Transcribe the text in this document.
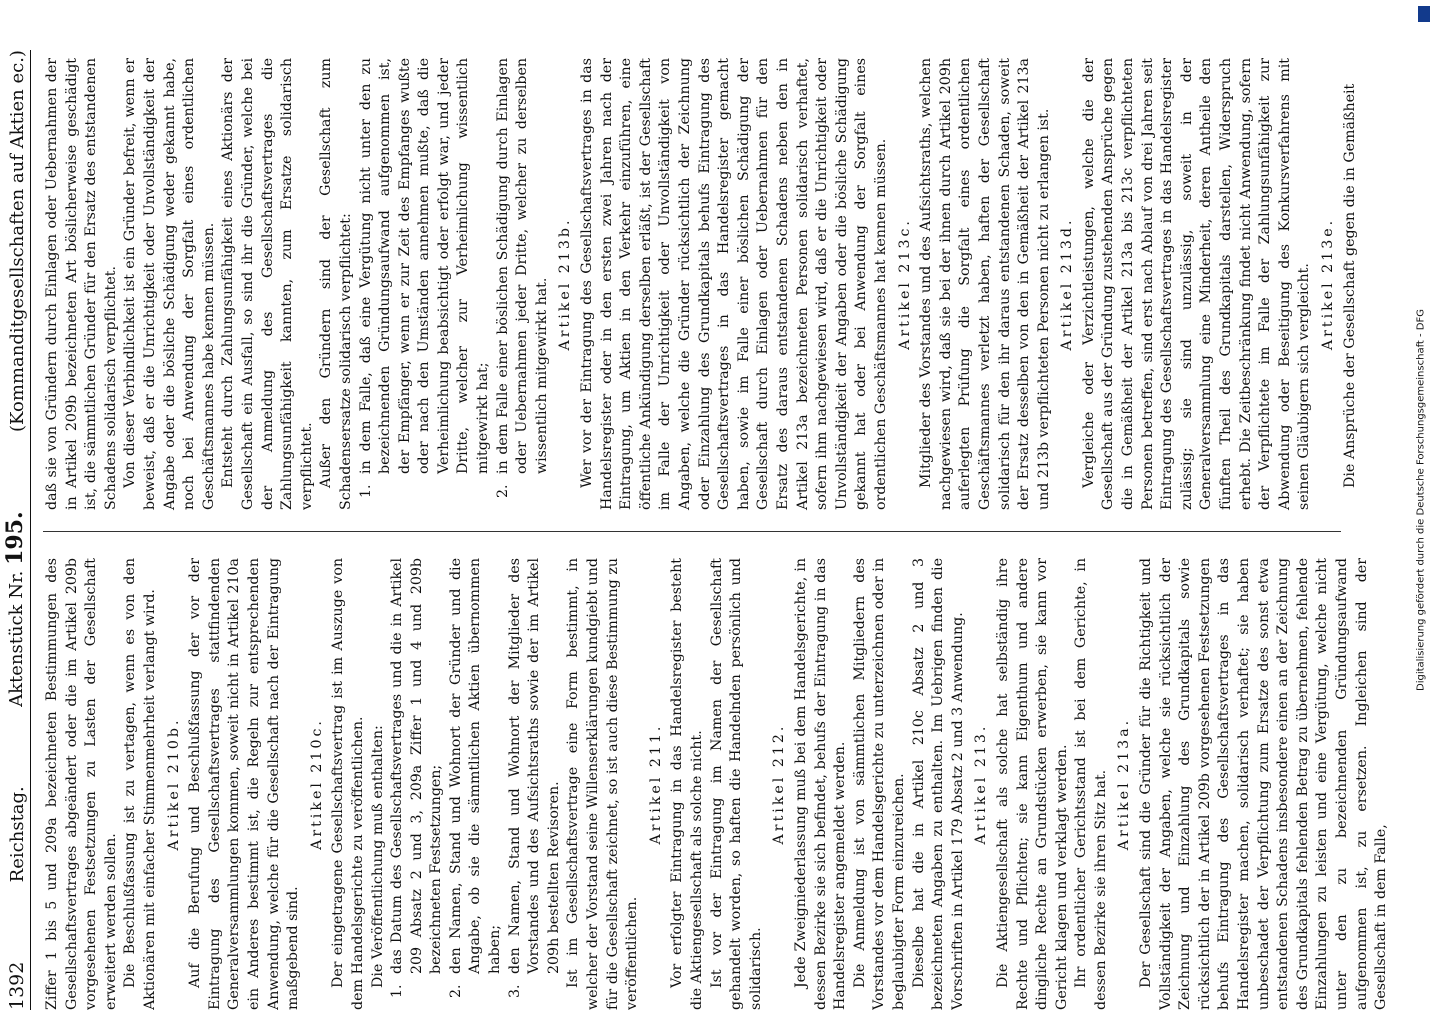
1392
Reichstag.
Aktenstück Nr. 195.
(Kommanditgesellschaften auf Aktien ec.)

Ziffer 1 bis 5 und 209a bezeichneten Bestimmungen des Gesellschaftsvertrages abgeändert oder die im Artikel 209b vorgesehenen Festsetzungen zu Lasten der Gesellschaft erweitert werden sollen. Die Beschlußfassung ist zu vertagen, wenn es von den Aktionären mit einfacher Stimmenmehrheit verlangt wird. Artikel 210b. Auf die Berufung und Beschlußfassung der vor der Eintragung des Gesellschaftsvertrages stattfindenden Generalversammlungen kommen, soweit nicht in Artikel 210a ein Anderes bestimmt ist, die Regeln zur entsprechenden Anwendung, welche für die Gesellschaft nach der Eintragung maßgebend sind.

Artikel 210c. Der eingetragene Gesellschaftsvertrag ist im Auszuge von dem Handelsgerichte zu veröffentlichen. Die Veröffentlichung muß enthalten:

1.
das Datum des Gesellschaftsvertrages und die in Artikel 209 Absatz 2 und 3, 209a Ziffer 1 und 4 und 209b bezeichneten Festsetzungen;

2.
den Namen, Stand und Wohnort der Gründer und die Angabe, ob sie die sämmtlichen Aktien übernommen haben;

3.
den Namen, Stand und Wohnort der Mitglieder des Vorstandes und des Aufsichtsraths sowie der im Artikel 209h bestellten Revisoren. Ist im Gesellschaftsvertrage eine Form bestimmt, in welcher der Vorstand seine Willenserklärungen kundgiebt und für die Gesellschaft zeichnet, so ist auch diese Bestimmung zu veröffentlichen.

Artikel 211. Vor erfolgter Eintragung in das Handelsregister besteht die Aktiengesellschaft als solche nicht. Ist vor der Eintragung im Namen der Gesellschaft gehandelt worden, so haften die Handelnden persönlich und solidarisch.

Artikel 212. Jede Zweigniederlassung muß bei dem Handelsgerichte, in dessen Bezirke sie sich befindet, behufs der Eintragung in das Handelsregister angemeldet werden. Die Anmeldung ist von sämmtlichen Mitgliedern des Vorstandes vor dem Handelsgerichte zu unterzeichnen oder in beglaubigter Form einzureichen. Dieselbe hat die in Artikel 210c Absatz 2 und 3 bezeichneten Angaben zu enthalten. Im Uebrigen finden die Vorschriften in Artikel 179 Absatz 2 und 3 Anwendung. Artikel 213. Die Aktiengesellschaft als solche hat selbständig ihre Rechte und Pflichten; sie kann Eigenthum und andere dingliche Rechte an Grundstücken erwerben, sie kann vor Gericht klagen und verklagt werden. Ihr ordentlicher Gerichtsstand ist bei dem Gerichte, in dessen Bezirke sie ihren Sitz hat. Artikel 213a. Der Gesellschaft sind die Gründer für die Richtigkeit und Vollständigkeit der Angaben, welche sie rücksichtlich der Zeichnung und Einzahlung des Grundkapitals sowie rücksichtlich der in Artikel 209b vorgesehenen Festsetzungen behufs Eintragung des Gesellschaftsvertrages in das Handelsregister machen, solidarisch verhaftet; sie haben unbeschadet der Verpflichtung zum Ersatze des sonst etwa entstandenen Schadens insbesondere einen an der Zeichnung des Grundkapitals fehlenden Betrag zu übernehmen, fehlende Einzahlungen zu leisten und eine Vergütung, welche nicht unter den zu bezeichnenden Gründungsaufwand aufgenommen ist, zu ersetzen. Ingleichen sind der Gesellschaft in dem Falle,

daß sie von Gründern durch Einlagen oder Uebernahmen der in Artikel 209b bezeichneten Art böslicherweise geschädigt ist, die sämmtlichen Gründer für den Ersatz des entstandenen Schadens solidarisch verpflichtet. Von dieser Verbindlichkeit ist ein Gründer befreit, wenn er beweist, daß er die Unrichtigkeit oder Unvollständigkeit der Angabe oder die bösliche Schädigung weder gekannt habe, noch bei Anwendung der Sorgfalt eines ordentlichen Geschäftsmannes habe kennen müssen. Entsteht durch Zahlungsunfähigkeit eines Aktionärs der Gesellschaft ein Ausfall, so sind ihr die Gründer, welche bei der Anmeldung des Gesellschaftsvertrages die Zahlungsunfähigkeit kannten, zum Ersatze solidarisch verpflichtet. Außer den Gründern sind der Gesellschaft zum Schadensersatze solidarisch verpflichtet: 1.
in dem Falle, daß eine Vergütung nicht unter den zu bezeichnenden Gründungsaufwand aufgenommen ist, der Empfänger, wenn er zur Zeit des Empfanges wußte oder nach den Umständen annehmen mußte, daß die Verheimlichung beabsichtigt oder erfolgt war, und jeder Dritte, welcher zur Verheimlichung wissentlich mitgewirkt hat;

2.
in dem Falle einer böslichen Schädigung durch Einlagen oder Uebernahmen jeder Dritte, welcher zu derselben wissentlich mitgewirkt hat. Artikel 213b. Wer vor der Eintragung des Gesellschaftsvertrages in das Handelsregister oder in den ersten zwei Jahren nach der Eintragung, um Aktien in den Verkehr einzuführen, eine öffentliche Ankündigung derselben erläßt, ist der Gesellschaft im Falle der Unrichtigkeit oder Unvollständigkeit von Angaben, welche die Gründer rücksichtlich der Zeichnung oder Einzahlung des Grundkapitals behufs Eintragung des Gesellschaftsvertrages in das Handelsregister gemacht haben, sowie im Falle einer böslichen Schädigung der Gesellschaft durch Einlagen oder Uebernahmen für den Ersatz des daraus entstandenen Schadens neben den in Artikel 213a bezeichneten Personen solidarisch verhaftet, sofern ihm nachgewiesen wird, daß er die Unrichtigkeit oder Unvollständigkeit der Angaben oder die bösliche Schädigung gekannt hat oder bei Anwendung der Sorgfalt eines ordentlichen Geschäftsmannes hat kennen müssen. Artikel 213c. Mitglieder des Vorstandes und des Aufsichtsraths, welchen nachgewiesen wird, daß sie bei der ihnen durch Artikel 209h auferlegten Prüfung die Sorgfalt eines ordentlichen Geschäftsmannes verletzt haben, haften der Gesellschaft solidarisch für den ihr daraus entstandenen Schaden, soweit der Ersatz desselben von den in Gemäßheit der Artikel 213a und 213b verpflichteten Personen nicht zu erlangen ist. Artikel 213d. Vergleiche oder Verzichtleistungen, welche die der Gesellschaft aus der Gründung zustehenden Ansprüche gegen die in Gemäßheit der Artikel 213a bis 213c verpflichteten Personen betreffen, sind erst nach Ablauf von drei Jahren seit Eintragung des Gesellschaftsvertrages in das Handelsregister zulässig; sie sind unzulässig, soweit in der Generalversammlung eine Minderheit, deren Antheile den fünften Theil des Grundkapitals darstellen, Widerspruch erhebt. Die Zeitbeschränkung findet nicht Anwendung, sofern der Verpflichtete im Falle der Zahlungsunfähigkeit zur Abwendung oder Beseitigung des Konkursverfahrens mit seinen Gläubigern sich vergleicht. Artikel 213e. Die Ansprüche der Gesellschaft gegen die in Gemäßheit

Digitalisierung gefördert durch die Deutsche Forschungsgemeinschaft - DFG
